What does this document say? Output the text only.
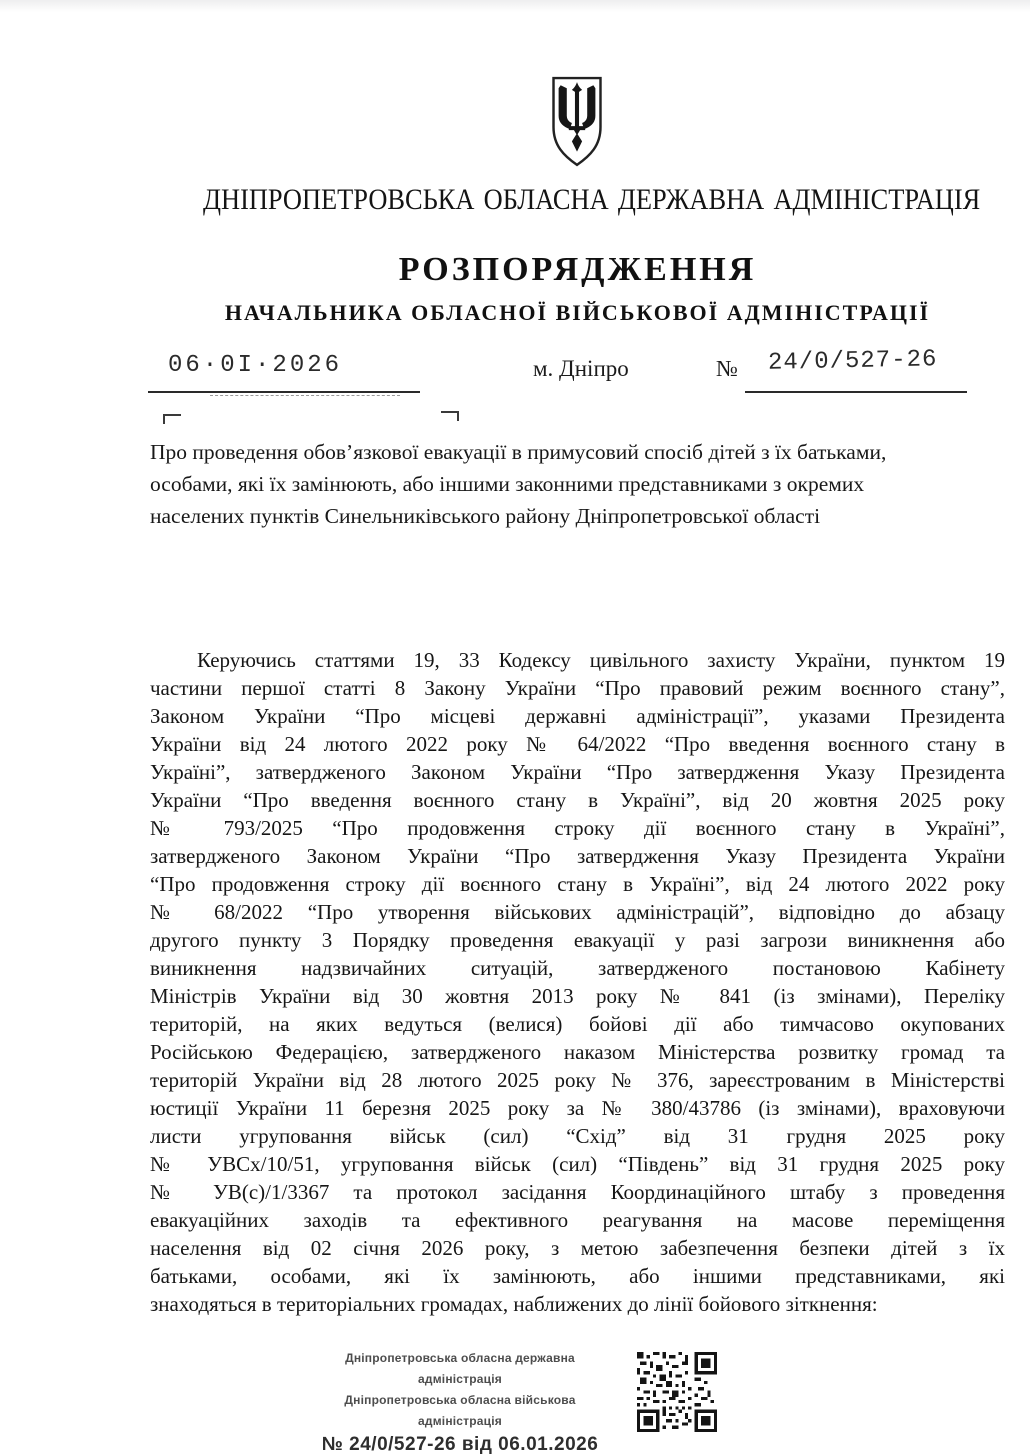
ДНІПРОПЕТРОВСЬКА ОБЛАСНА ДЕРЖАВНА АДМІНІСТРАЦІЯ
РОЗПОРЯДЖЕННЯ
НАЧАЛЬНИКА ОБЛАСНОЇ ВІЙСЬКОВОЇ АДМІНІСТРАЦІЇ
06·0І·2026	м. Дніпро	№ 24/0/527-26
Про проведення обов’язкової евакуації в примусовий спосіб дітей з їх батьками,
особами, які їх замінюють, або іншими законними представниками з окремих
населених пунктів Синельниківського району Дніпропетровської області
Керуючись статтями 19, 33 Кодексу цивільного захисту України, пунктом 19
частини першої статті 8 Закону України “Про правовий режим воєнного стану”,
Законом України “Про місцеві державні адміністрації”, указами Президента
України від 24 лютого 2022 року № 64/2022 “Про введення воєнного стану в
Україні”, затвердженого Законом України “Про затвердження Указу Президента
України “Про введення воєнного стану в Україні”, від 20 жовтня 2025 року
№ 793/2025 “Про продовження строку дії воєнного стану в Україні”,
затвердженого Законом України “Про затвердження Указу Президента України
“Про продовження строку дії воєнного стану в Україні”, від 24 лютого 2022 року
№ 68/2022 “Про утворення військових адміністрацій”, відповідно до абзацу
другого пункту 3 Порядку проведення евакуації у разі загрози виникнення або
виникнення надзвичайних ситуацій, затвердженого постановою Кабінету
Міністрів України від 30 жовтня 2013 року № 841 (із змінами), Переліку
територій, на яких ведуться (велися) бойові дії або тимчасово окупованих
Російською Федерацією, затвердженого наказом Міністерства розвитку громад та
територій України від 28 лютого 2025 року № 376, зареєстрованим в Міністерстві
юстиції України 11 березня 2025 року за № 380/43786 (із змінами), враховуючи
листи угруповання військ (сил) “Схід” від 31 грудня 2025 року
№ УВСх/10/51, угруповання військ (сил) “Південь” від 31 грудня 2025 року
№ УВ(с)/1/3367 та протокол засідання Координаційного штабу з проведення
евакуаційних заходів та ефективного реагування на масове переміщення
населення від 02 січня 2026 року, з метою забезпечення безпеки дітей з їх
батьками, особами, які їх замінюють, або іншими представниками, які
знаходяться в територіальних громадах, наближених до лінії бойового зіткнення:
Дніпропетровська обласна державна адміністрація
Дніпропетровська обласна військова адміністрація
№ 24/0/527-26 від 06.01.2026
